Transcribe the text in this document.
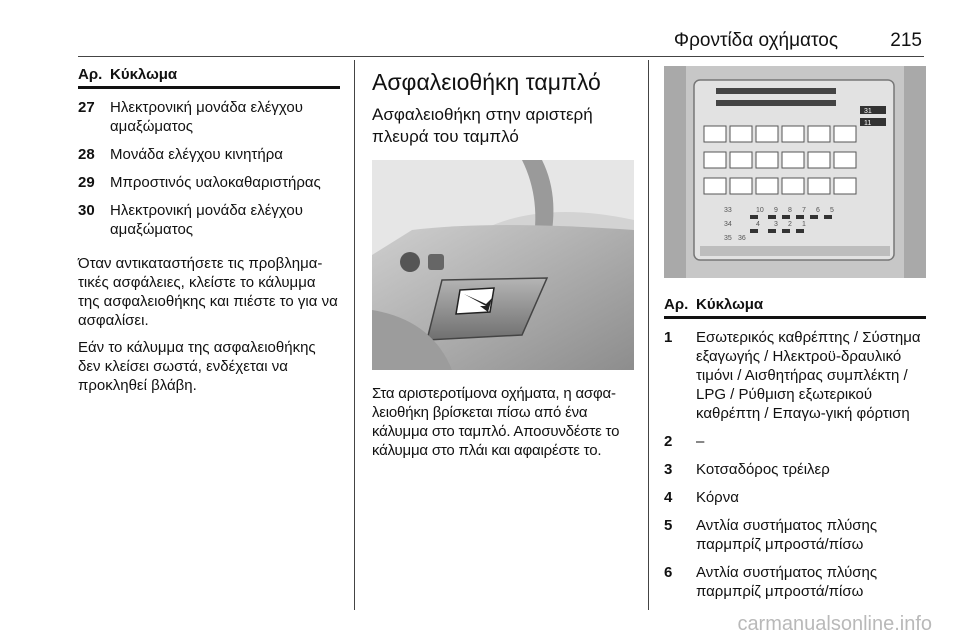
Φροντίδα οχήματος	215
Αρ. Κύκλωμα
27	Ηλεκτρονική μονάδα ελέγχου αμαξώματος
28	Μονάδα ελέγχου κινητήρα
29	Μπροστινός υαλοκαθαριστήρας
30	Ηλεκτρονική μονάδα ελέγχου αμαξώματος
Όταν αντικαταστήσετε τις προβλημα-τικές ασφάλειες, κλείστε το κάλυμμα της ασφαλειοθήκης και πιέστε το για να ασφαλίσει.
Εάν το κάλυμμα της ασφαλειοθήκης δεν κλείσει σωστά, ενδέχεται να προκληθεί βλάβη.
Ασφαλειοθήκη ταμπλό
Ασφαλειοθήκη στην αριστερή πλευρά του ταμπλό
Στα αριστεροτίμονα οχήματα, η ασφα-λειοθήκη βρίσκεται πίσω από ένα κάλυμμα στο ταμπλό. Αποσυνδέστε το κάλυμμα στο πλάι και αφαιρέστε το.
31
11
10 9 8 7 6 5
4 3 2 1
33
34
35 36
Αρ. Κύκλωμα
1	Εσωτερικός καθρέπτης / Σύστημα εξαγωγής / Ηλεκτροϋ-δραυλικό τιμόνι / Αισθητήρας συμπλέκτη / LPG / Ρύθμιση εξωτερικού καθρέπτη / Επαγω-γική φόρτιση
2	–
3	Κοτσαδόρος τρέιλερ
4	Κόρνα
5	Αντλία συστήματος πλύσης παρμπρίζ μπροστά/πίσω
6	Αντλία συστήματος πλύσης παρμπρίζ μπροστά/πίσω
carmanualsonline.info
